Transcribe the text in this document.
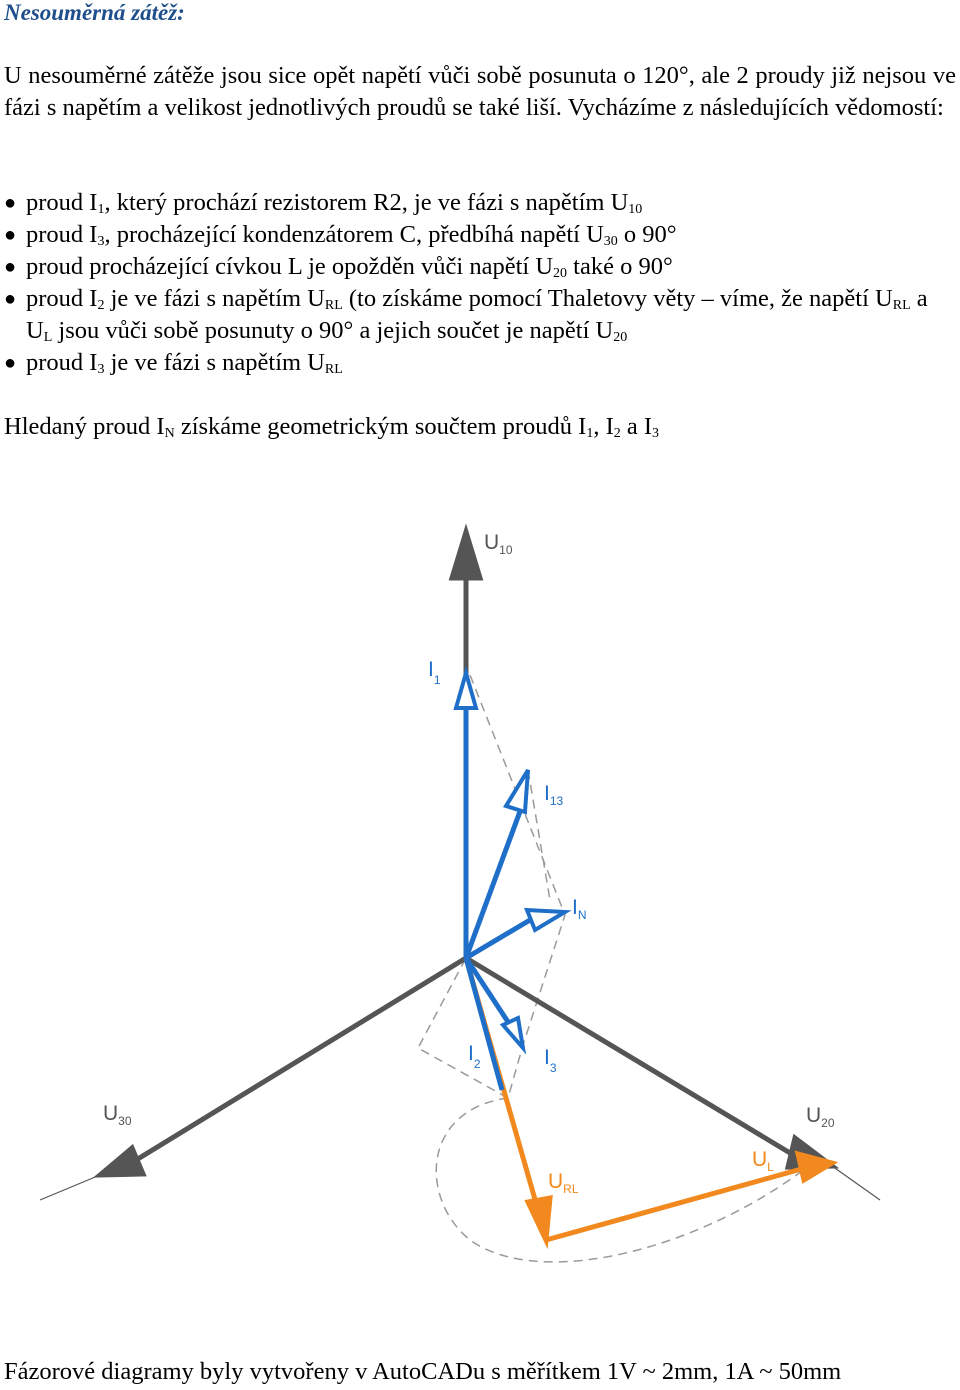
Nesouměrná zátěž:
U nesouměrné zátěže jsou sice opět napětí vůči sobě posunuta o 120°, ale 2 proudy již nejsou ve fázi s napětím a velikost jednotlivých proudů se také liší. Vycházíme z následujících vědomostí:
● proud $I_1$, který prochází rezistorem R2, je ve fázi s napětím $U_{10}$
● proud $I_3$, procházející kondenzátorem C, předbíhá napětí $U_{30}$ o 90°
● proud procházející cívkou L je opožděn vůči napětí $U_{20}$ také o 90°
● proud $I_2$ je ve fázi s napětím $U_{RL}$ (to získáme pomocí Thaletovy věty – víme, že napětí $U_{RL}$ a $U_L$ jsou vůči sobě posunuty o 90° a jejich součet je napětí $U_{20}$
● proud $I_3$ je ve fázi s napětím $U_{RL}$
Hledaný proud $I_N$ získáme geometrickým součtem proudů $I_1$, $I_2$ a $I_3$
$U_{10}$
$U_{20}$
$U_{30}$
$I_1$
$I_{13}$
$I_N$
$I_2$	$I_3$
$U_{RL}$
$U_L$
Fázorové diagramy byly vytvořeny v AutoCADu s měřítkem 1V ~ 2mm, 1A ~ 50mm
